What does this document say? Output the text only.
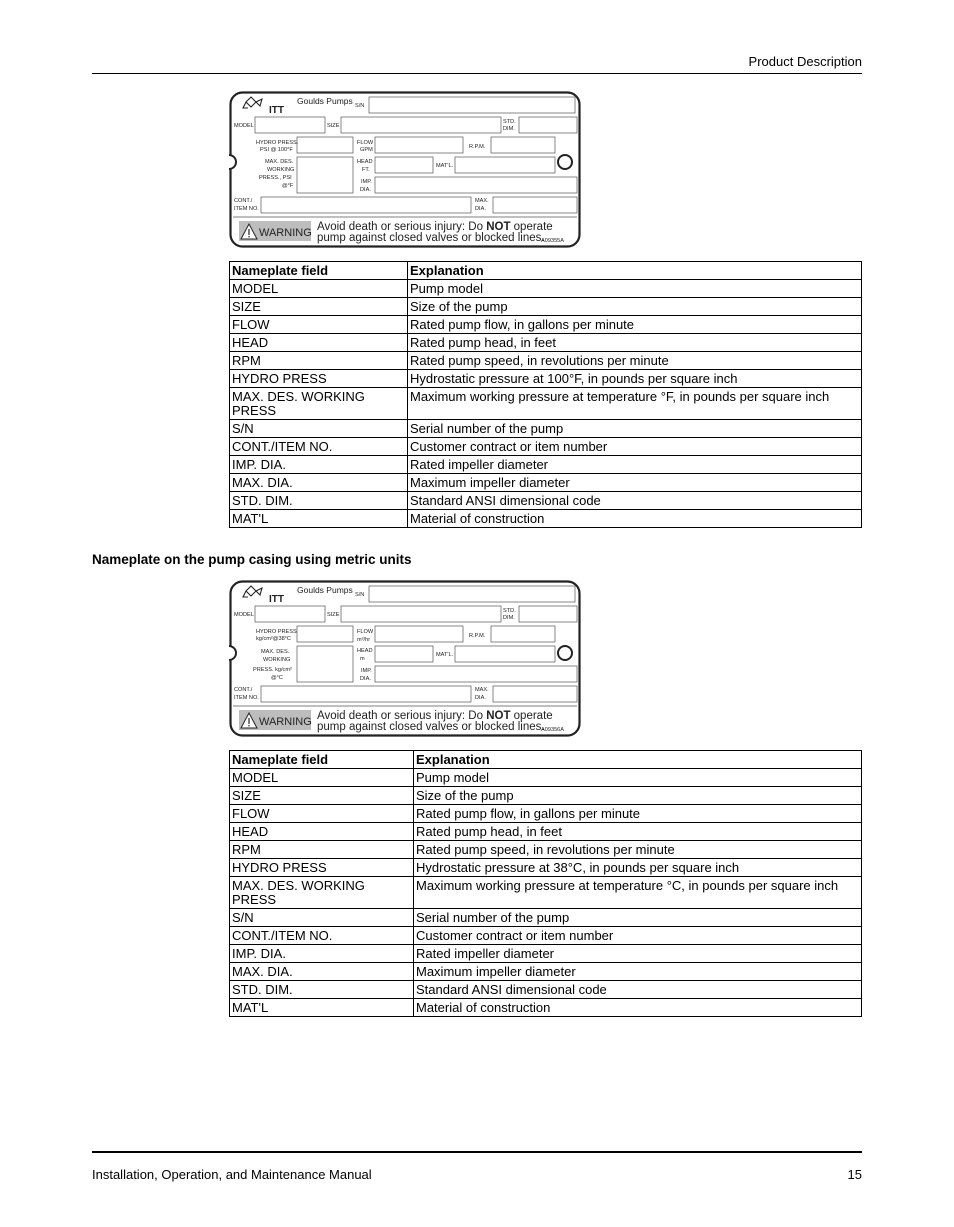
Product Description
ITT
Goulds Pumps S/N
MODEL	SIZE
STD.
DIM.
HYDRO PRESS.
PSI @ 100°F
FLOW
GPM	R.P.M.
MAX. DES.
WORKING
PRESS., PSI
@°F
HEAD
FT.
MAT'L.
IMP.
DIA.
CONT./
ITEM NO.
MAX.
DIA.
WARNING Avoid death or serious injury: Do NOT operate
pump against closed valves or blocked lines.
A09355A
Nameplate field	Explanation
MODEL	Pump model
SIZE	Size of the pump
FLOW	Rated pump flow, in gallons per minute
HEAD	Rated pump head, in feet
RPM	Rated pump speed, in revolutions per minute
HYDRO PRESS	Hydrostatic pressure at 100°F, in pounds per square inch
MAX. DES. WORKING PRESS	Maximum working pressure at temperature °F, in pounds per square inch
S/N	Serial number of the pump
CONT./ITEM NO.	Customer contract or item number
IMP. DIA.	Rated impeller diameter
MAX. DIA.	Maximum impeller diameter
STD. DIM.	Standard ANSI dimensional code
MAT'L	Material of construction
Nameplate on the pump casing using metric units
ITT
Goulds Pumps S/N
MODEL	SIZE
STD.
DIM.
HYDRO PRESS
kg/cm²@38°C
FLOW
m³/hr
R.P.M.
MAX. DES.
WORKING
PRESS. kg/cm²
@°C
HEAD
m
MAT'L.
IMP.
DIA.
CONT./
ITEM NO.
MAX.
DIA.
WARNING Avoid death or serious injury: Do NOT operate
pump against closed valves or blocked lines.
A09356A
Nameplate field	Explanation
MODEL	Pump model
SIZE	Size of the pump
FLOW	Rated pump flow, in gallons per minute
HEAD	Rated pump head, in feet
RPM	Rated pump speed, in revolutions per minute
HYDRO PRESS	Hydrostatic pressure at 38°C, in pounds per square inch
MAX. DES. WORKING PRESS	Maximum working pressure at temperature °C, in pounds per square inch
S/N	Serial number of the pump
CONT./ITEM NO.	Customer contract or item number
IMP. DIA.	Rated impeller diameter
MAX. DIA.	Maximum impeller diameter
STD. DIM.	Standard ANSI dimensional code
MAT'L	Material of construction
Installation, Operation, and Maintenance Manual	15
